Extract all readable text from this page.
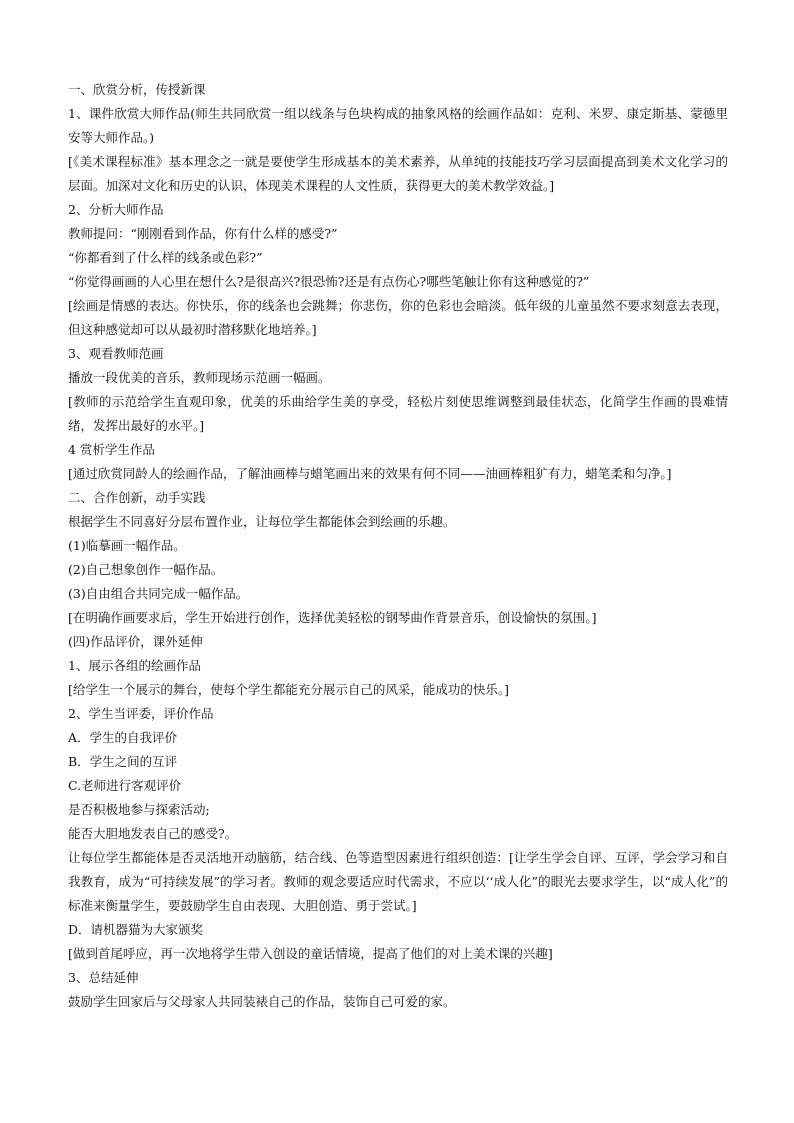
一、欣赏分析，传授新课

1、课件欣赏大师作品(师生共同欣赏一组以线条与色块构成的抽象风格的绘画作品如：克利、米罗、康定斯基、蒙德里安等大师作品。)

[《美术课程标准》基本理念之一就是要使学生形成基本的美术素养，从单纯的技能技巧学习层面提高到美术文化学习的层面。加深对文化和历史的认识，体现美术课程的人文性质，获得更大的美术教学效益。]

2、分析大师作品

教师提问：“刚刚看到作品，你有什么样的感受?”

“你都看到了什么样的线条或色彩?”

“你觉得画画的人心里在想什么?是很高兴?很恐怖?还是有点伤心?哪些笔触让你有这种感觉的?”

[绘画是情感的表达。你快乐，你的线条也会跳舞；你悲伤，你的色彩也会暗淡。低年级的儿童虽然不要求刻意去表现，但这种感觉却可以从最初时潜移默化地培养。]

3、观看教师范画

播放一段优美的音乐，教师现场示范画一幅画。

[教师的示范给学生直观印象，优美的乐曲给学生美的享受，轻松片刻使思维调整到最佳状态，化简学生作画的畏难情绪，发挥出最好的水平。]

4 赏析学生作品

[通过欣赏同龄人的绘画作品，了解油画棒与蜡笔画出来的效果有何不同——油画棒粗犷有力，蜡笔柔和匀净。]

二、合作创新，动手实践

根据学生不同喜好分层布置作业，让每位学生都能体会到绘画的乐趣。

(1)临摹画一幅作品。

(2)自己想象创作一幅作品。

(3)自由组合共同完成一幅作品。

[在明确作画要求后，学生开始进行创作，选择优美轻松的钢琴曲作背景音乐，创设愉快的氛围。]

(四)作品评价，课外延伸

1、展示各组的绘画作品

[给学生一个展示的舞台，使每个学生都能充分展示自己的风采，能成功的快乐。]

2、学生当评委，评价作品

A．学生的自我评价

B．学生之间的互评

C.老师进行客观评价

是否积极地参与探索活动;

能否大胆地发表自己的感受?。

让每位学生都能体是否灵活地开动脑筋，结合线、色等造型因素进行组织创造：[让学生学会自评、互评，学会学习和自我教育，成为“可持续发展”的学习者。教师的观念要适应时代需求，不应以‘‘成人化”的眼光去要求学生，以“成人化”的标准来衡量学生，要鼓励学生自由表现、大胆创造、勇于尝试。]

D．请机器猫为大家颁奖

[做到首尾呼应，再一次地将学生带入创设的童话情境，提高了他们的对上美术课的兴趣]

3、总结延伸

鼓励学生回家后与父母家人共同装裱自己的作品，装饰自己可爱的家。
